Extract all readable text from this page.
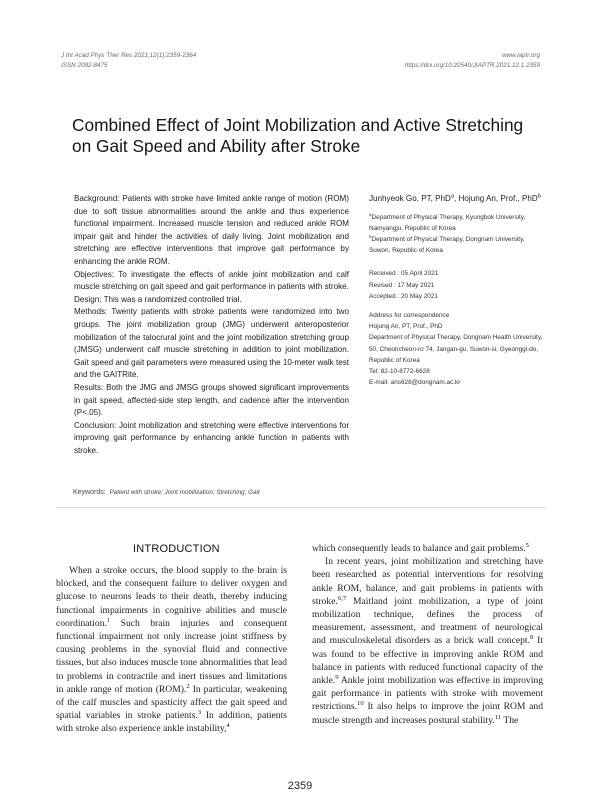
J Int Acad Phys Ther Res 2021;12(1):2359-2364
ISSN 2092-8475
www.iaptr.org
https://doi.org/10.20540/JIAPTR.2021.12.1.2359
Combined Effect of Joint Mobilization and Active Stretching on Gait Speed and Ability after Stroke

Background: Patients with stroke have limited ankle range of motion (ROM) due to soft tissue abnormalities around the ankle and thus experience functional impairment. Increased muscle tension and reduced ankle ROM impair gait and hinder the activities of daily living. Joint mobilization and stretching are effective interventions that improve gait performance by enhancing the ankle ROM.

Objectives: To investigate the effects of ankle joint mobilization and calf muscle stretching on gait speed and gait performance in patients with stroke.

Design: This was a randomized controlled trial.

Methods: Twenty patients with stroke patients were randomized into two groups. The joint mobilization group (JMG) underwent anteroposterior mobilization of the talocrural joint and the joint mobilization stretching group (JMSG) underwent calf muscle stretching in addition to joint mobilization. Gait speed and gait parameters were measured using the 10-meter walk test and the GAITRite.

Results: Both the JMG and JMSG groups showed significant improvements in gait speed, affected-side step length, and cadence after the intervention (P<.05).

Conclusion: Joint mobilization and stretching were effective interventions for improving gait performance by enhancing ankle function in patients with stroke.

Junhyeok Go, PT, PhD$^a$, Hojung An, Prof., PhD$^b$

$^a$Department of Physical Therapy, Kyungbok University, Namyangju, Republic of Korea

$^b$Department of Physical Therapy, Dongnam University, Suwon, Republic of Korea

Received : 05 April 2021

Revised : 17 May 2021

Accepted : 20 May 2021

Address for correspondence

Hojung An, PT, Prof., PhD

Department of Physical Therapy, Dongnam Health University, 50, Cheoncheon-ro 74, Jangan-gu, Suwon-si, Gyeonggi-do, Republic of Korea

Tel: 82-10-8772-6628

E-mail: ans628@dongnam.ac.kr

Keywords: Patient with stroke; Joint mobilization; Stretching; Gait
INTRODUCTION

When a stroke occurs, the blood supply to the brain is blocked, and the consequent failure to deliver oxygen and glucose to neurons leads to their death, thereby inducing functional impairments in cognitive abilities and muscle coordination.$^1$ Such brain injuries and consequent functional impairment not only increase joint stiffness by causing problems in the synovial fluid and connective tissues, but also induces muscle tone abnormalities that lead to problems in contractile and inert tissues and limitations in ankle range of motion (ROM).$^2$ In particular, weakening of the calf muscles and spasticity affect the gait speed and spatial variables in stroke patients.$^3$ In addition, patients with stroke also experience ankle instability,$^4$

which consequently leads to balance and gait problems.$^5$

In recent years, joint mobilization and stretching have been researched as potential interventions for resolving ankle ROM, balance, and gait problems in patients with stroke.$^{6,7}$ Maitland joint mobilization, a type of joint mobilization technique, defines the process of measurement, assessment, and treatment of neurological and musculoskeletal disorders as a brick wall concept.$^8$ It was found to be effective in improving ankle ROM and balance in patients with reduced functional capacity of the ankle.$^9$ Ankle joint mobilization was effective in improving gait performance in patients with stroke with movement restrictions.$^{10}$ It also helps to improve the joint ROM and muscle strength and increases postural stability.$^{11}$ The

2359
